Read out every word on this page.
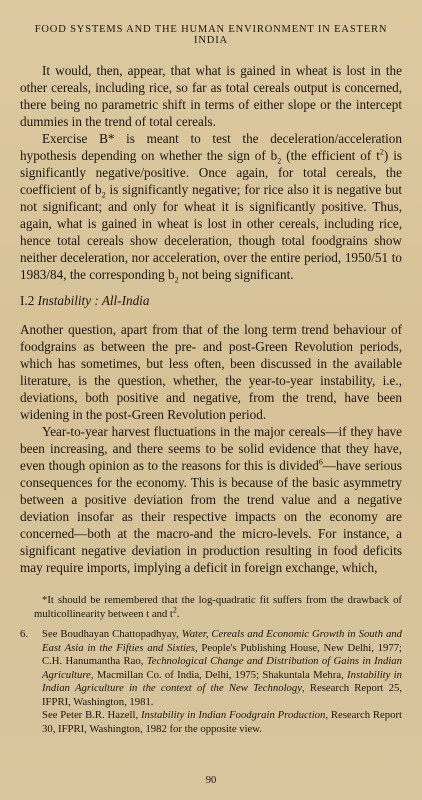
FOOD SYSTEMS AND THE HUMAN ENVIRONMENT IN EASTERN INDIA

It would, then, appear, that what is gained in wheat is lost in the other cereals, including rice, so far as total cereals output is concerned, there being no parametric shift in terms of either slope or the intercept dummies in the trend of total cereals.

Exercise B* is meant to test the deceleration/acceleration hypothesis depending on whether the sign of $b_2$ (the efficient of $t^2$) is significantly negative/positive. Once again, for total cereals, the coefficient of $b_2$ is significantly negative; for rice also it is negative but not significant; and only for wheat it is significantly positive. Thus, again, what is gained in wheat is lost in other cereals, including rice, hence total cereals show deceleration, though total foodgrains show neither deceleration, nor acceleration, over the entire period, 1950/51 to 1983/84, the corresponding $b_2$ not being significant.

I.2 Instability : All-India

Another question, apart from that of the long term trend behaviour of foodgrains as between the pre- and post-Green Revolution periods, which has sometimes, but less often, been discussed in the available literature, is the question, whether, the year-to-year instability, i.e., deviations, both positive and negative, from the trend, have been widening in the post-Green Revolution period.

Year-to-year harvest fluctuations in the major cereals—if they have been increasing, and there seems to be solid evidence that they have, even though opinion as to the reasons for this is divided$^6$—have serious consequences for the economy. This is because of the basic asymmetry between a positive deviation from the trend value and a negative deviation insofar as their respective impacts on the economy are concerned—both at the macro-and the micro-levels. For instance, a significant negative deviation in production resulting in food deficits may require imports, implying a deficit in foreign exchange, which,

*It should be remembered that the log-quadratic fit suffers from the drawback of multicollinearity between t and $t^2$.

6.	See Boudhayan Chattopadhyay, Water, Cereals and Economic Growth in South and East Asia in the Fifties and Sixties, People's Publishing House, New Delhi, 1977; C.H. Hanumantha Rao, Technological Change and Distribution of Gains in Indian Agriculture, Macmillan Co. of India, Delhi, 1975; Shakuntala Mehra, Instability in Indian Agriculture in the context of the New Technology, Research Report 25, IFPRI, Washington, 1981.

See Peter B.R. Hazell, Instability in Indian Foodgrain Production, Research Report 30, IFPRI, Washington, 1982 for the opposite view.

90
